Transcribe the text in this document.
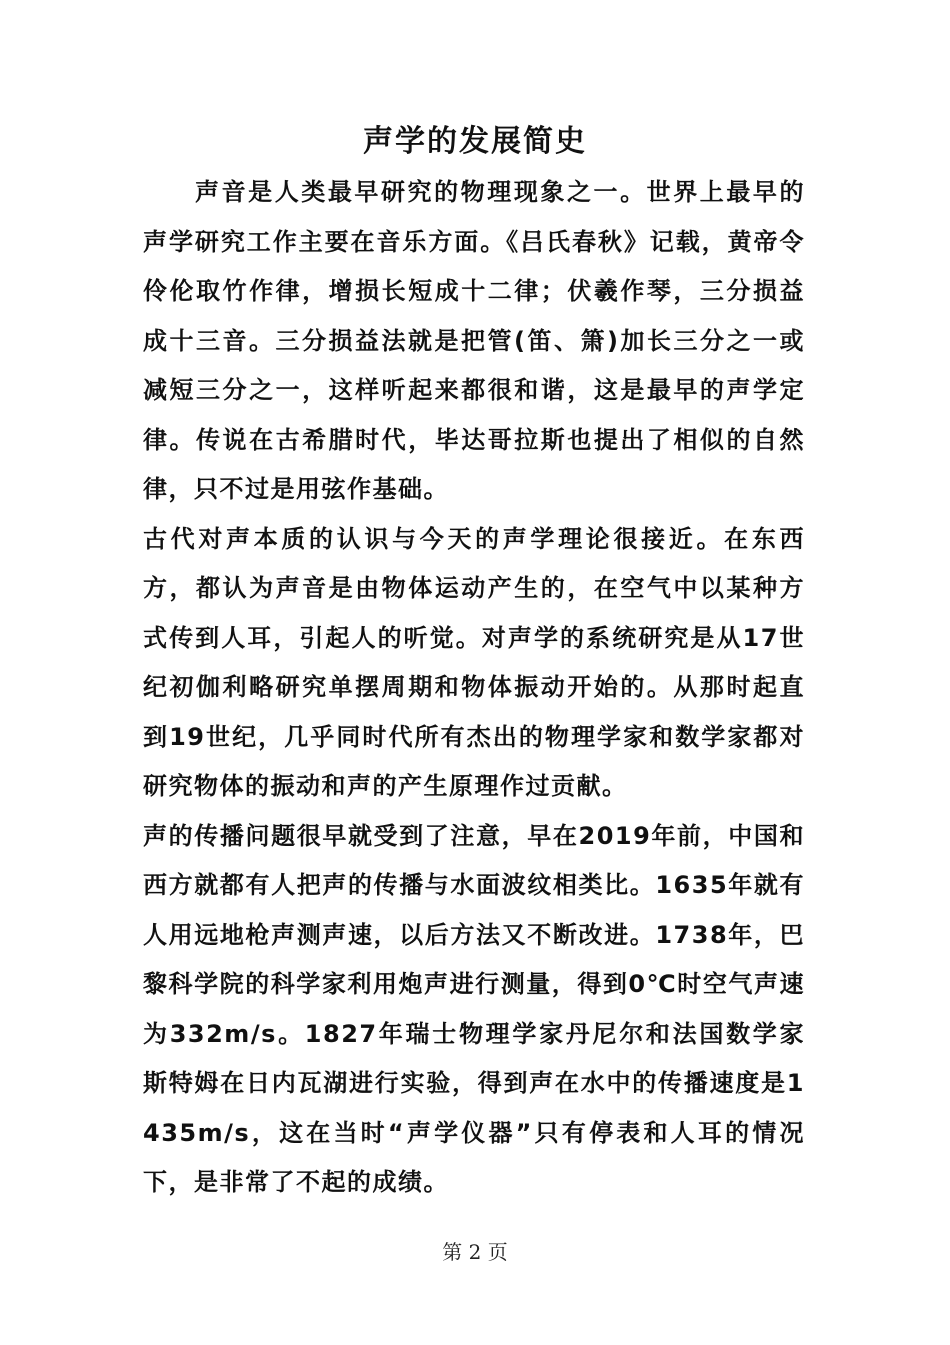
声学的发展简史

声音是人类最早研究的物理现象之一。世界上最早的声学研究工作主要在音乐方面。《吕氏春秋》记载，黄帝令伶伦取竹作律，增损长短成十二律；伏羲作琴，三分损益成十三音。三分损益法就是把管(笛、箫)加长三分之一或减短三分之一，这样听起来都很和谐，这是最早的声学定律。传说在古希腊时代，毕达哥拉斯也提出了相似的自然律，只不过是用弦作基础。

古代对声本质的认识与今天的声学理论很接近。在东西方，都认为声音是由物体运动产生的，在空气中以某种方式传到人耳，引起人的听觉。对声学的系统研究是从17世纪初伽利略研究单摆周期和物体振动开始的。从那时起直到19世纪，几乎同时代所有杰出的物理学家和数学家都对研究物体的振动和声的产生原理作过贡献。

声的传播问题很早就受到了注意，早在2019年前，中国和西方就都有人把声的传播与水面波纹相类比。1635年就有人用远地枪声测声速，以后方法又不断改进。1738年，巴黎科学院的科学家利用炮声进行测量，得到0℃时空气声速为332m/s。1827年瑞士物理学家丹尼尔和法国数学家斯特姆在日内瓦湖进行实验，得到声在水中的传播速度是1435m/s，这在当时“声学仪器”只有停表和人耳的情况下，是非常了不起的成绩。

第 2 页
